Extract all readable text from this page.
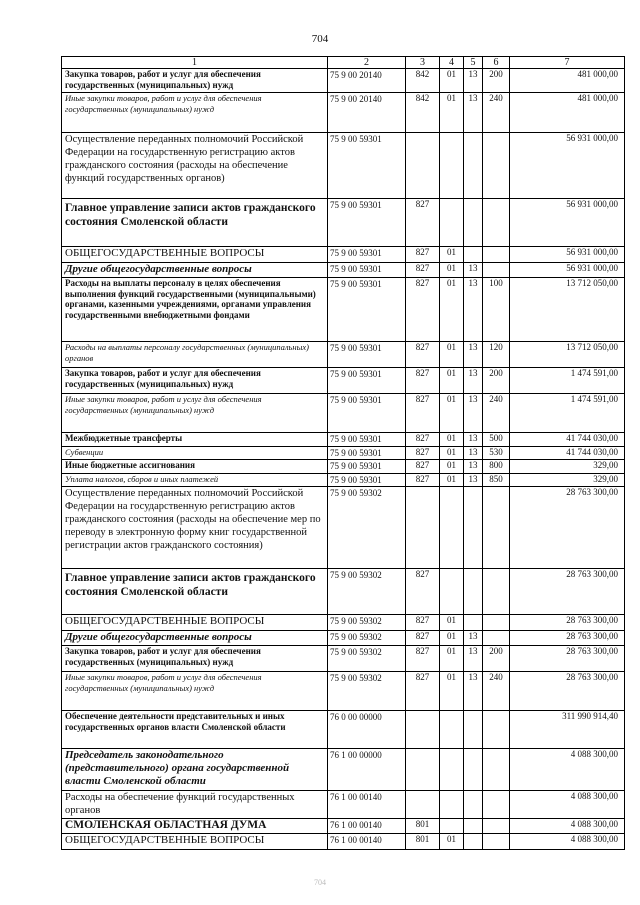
704
1	2	3	4	5	6	7
Закупка товаров, работ и услуг для обеспечения государственных (муниципальных) нужд	75 9 00 20140	842	01	13	200	481 000,00
Иные закупки товаров, работ и услуг для обеспечения государственных (муниципальных) нужд	75 9 00 20140	842	01	13	240	481 000,00
Осуществление переданных полномочий Российской Федерации на государственную регистрацию актов гражданского состояния (расходы на обеспечение функций государственных органов)	75 9 00 59301					56 931 000,00
Главное управление записи актов гражданского состояния Смоленской области	75 9 00 59301	827				56 931 000,00
ОБЩЕГОСУДАРСТВЕННЫЕ ВОПРОСЫ	75 9 00 59301	827	01			56 931 000,00
Другие общегосударственные вопросы	75 9 00 59301	827	01	13		56 931 000,00
Расходы на выплаты персоналу в целях обеспечения выполнения функций государственными (муниципальными) органами, казенными учреждениями, органами управления государственными внебюджетными фондами	75 9 00 59301	827	01	13	100	13 712 050,00
Расходы на выплаты персоналу государственных (муниципальных) органов	75 9 00 59301	827	01	13	120	13 712 050,00
Закупка товаров, работ и услуг для обеспечения государственных (муниципальных) нужд	75 9 00 59301	827	01	13	200	1 474 591,00
Иные закупки товаров, работ и услуг для обеспечения государственных (муниципальных) нужд	75 9 00 59301	827	01	13	240	1 474 591,00
Межбюджетные трансферты	75 9 00 59301	827	01	13	500	41 744 030,00
Субвенции	75 9 00 59301	827	01	13	530	41 744 030,00
Иные бюджетные ассигнования	75 9 00 59301	827	01	13	800	329,00
Уплата налогов, сборов и иных платежей	75 9 00 59301	827	01	13	850	329,00
Осуществление переданных полномочий Российской Федерации на государственную регистрацию актов гражданского состояния (расходы на обеспечение мер по переводу в электронную форму книг государственной регистрации актов гражданского состояния)	75 9 00 59302					28 763 300,00
Главное управление записи актов гражданского состояния Смоленской области	75 9 00 59302	827				28 763 300,00
ОБЩЕГОСУДАРСТВЕННЫЕ ВОПРОСЫ	75 9 00 59302	827	01			28 763 300,00
Другие общегосударственные вопросы	75 9 00 59302	827	01	13		28 763 300,00
Закупка товаров, работ и услуг для обеспечения государственных (муниципальных) нужд	75 9 00 59302	827	01	13	200	28 763 300,00
Иные закупки товаров, работ и услуг для обеспечения государственных (муниципальных) нужд	75 9 00 59302	827	01	13	240	28 763 300,00
Обеспечение деятельности представительных и иных государственных органов власти Смоленской области	76 0 00 00000					311 990 914,40
Председатель законодательного (представительного) органа государственной власти Смоленской области	76 1 00 00000					4 088 300,00
Расходы на обеспечение функций государственных органов	76 1 00 00140					4 088 300,00
СМОЛЕНСКАЯ ОБЛАСТНАЯ ДУМА	76 1 00 00140	801				4 088 300,00
ОБЩЕГОСУДАРСТВЕННЫЕ ВОПРОСЫ	76 1 00 00140	801	01			4 088 300,00
704
